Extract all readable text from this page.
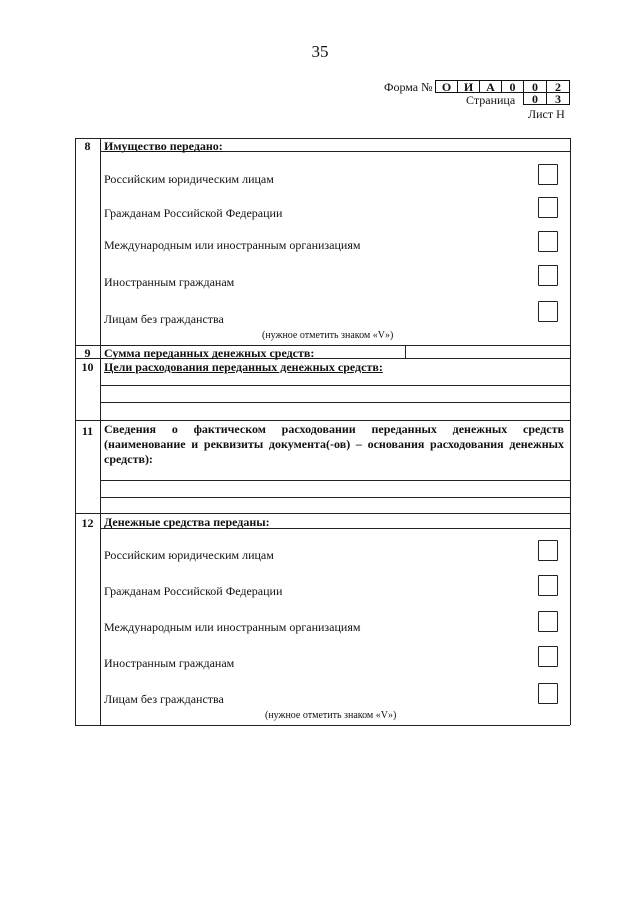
35
Форма № О	И	А	0	0	2
Страница	0	3
Лист Н
8	Имущество передано:
Российским юридическим лицам
Гражданам Российской Федерации
Международным или иностранным организациям
Иностранным гражданам
Лицам без гражданства
(нужное отметить знаком «V»)
9	Сумма переданных денежных средств:
10 Цели расходования переданных денежных средств:
11 Сведения о фактическом расходовании переданных денежных средств (наименование и реквизиты документа(-ов) – основания расходования денежных средств):
12 Денежные средства переданы:
Российским юридическим лицам
Гражданам Российской Федерации
Международным или иностранным организациям
Иностранным гражданам
Лицам без гражданства
(нужное отметить знаком «V»)
